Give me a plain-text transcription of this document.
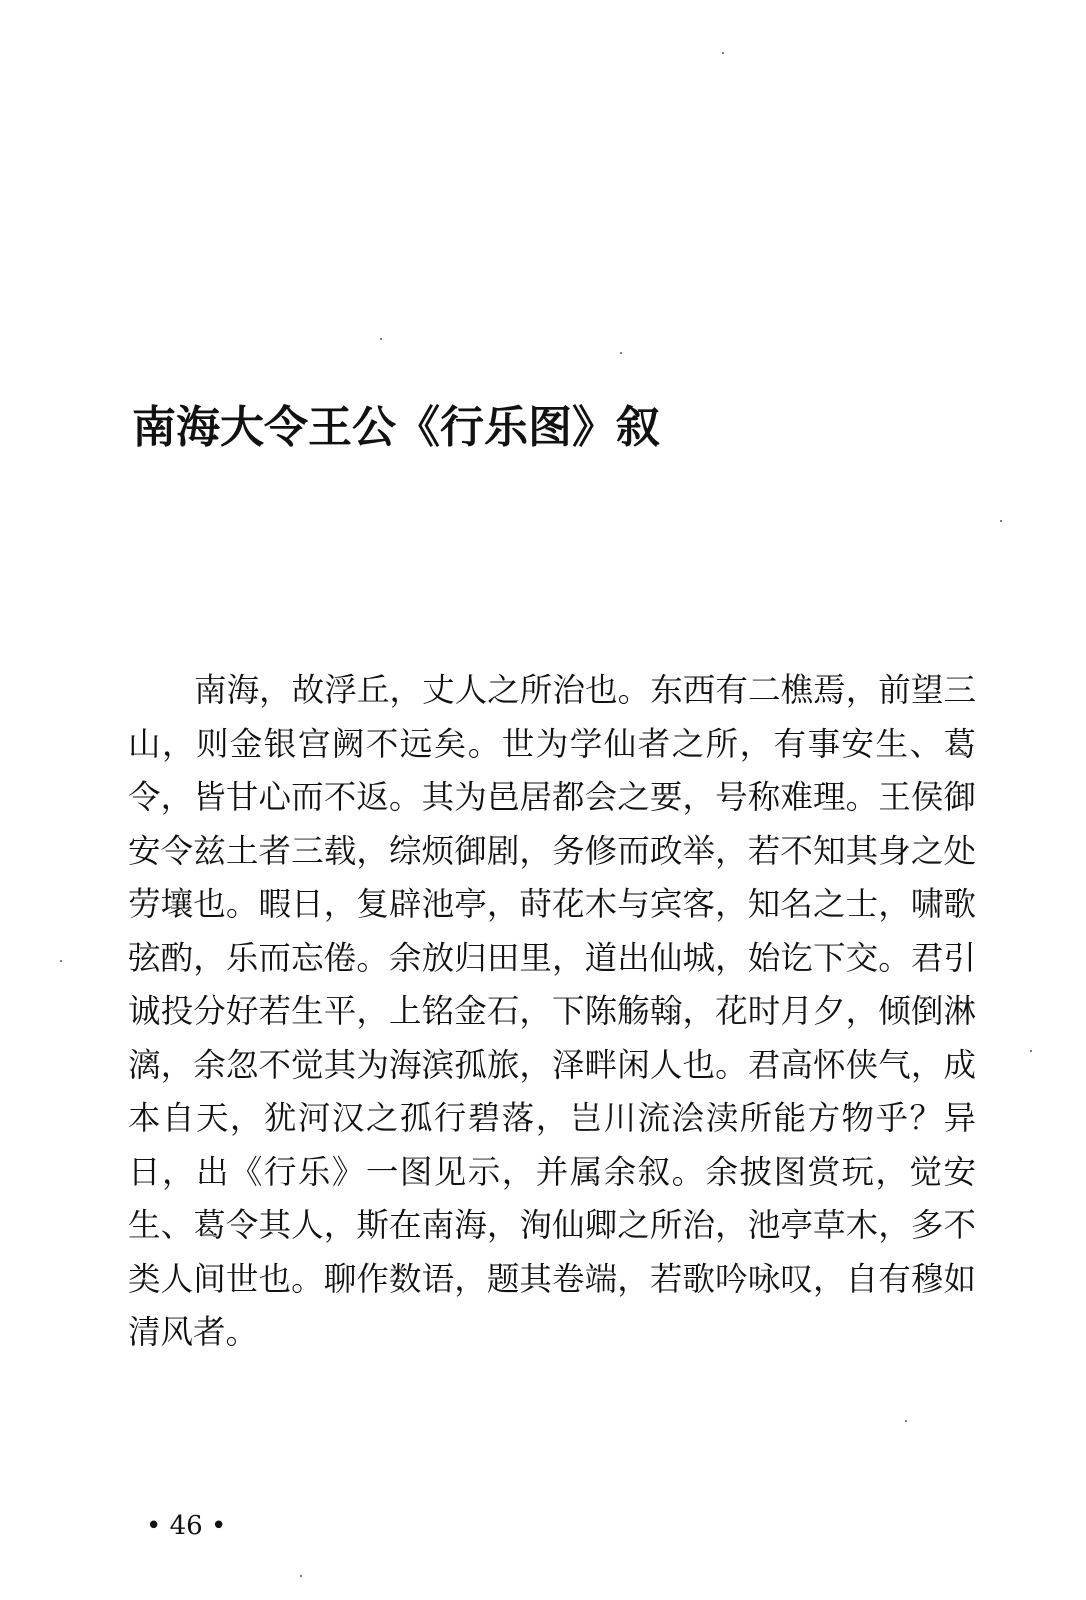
南海大令王公《行乐图》叙

南海，故浮丘，丈人之所治也。东西有二樵焉，前望三山，则金银宫阙不远矣。世为学仙者之所，有事安生、葛令，皆甘心而不返。其为邑居都会之要，号称难理。王侯御安令兹土者三载，综烦御剧，务修而政举，若不知其身之处劳壤也。暇日，复辟池亭，莳花木与宾客，知名之士，啸歌弦酌，乐而忘倦。余放归田里，道出仙城，始讫下交。君引诚投分好若生平，上铭金石，下陈觞翰，花时月夕，倾倒淋漓，余忽不觉其为海滨孤旅，泽畔闲人也。君高怀侠气，成本自天，犹河汉之孤行碧落，岂川流浍渎所能方物乎？异日，出《行乐》一图见示，并属余叙。余披图赏玩，觉安生、葛令其人，斯在南海，洵仙卿之所治，池亭草木，多不类人间世也。聊作数语，题其卷端，若歌吟咏叹，自有穆如清风者。

• 46 •
